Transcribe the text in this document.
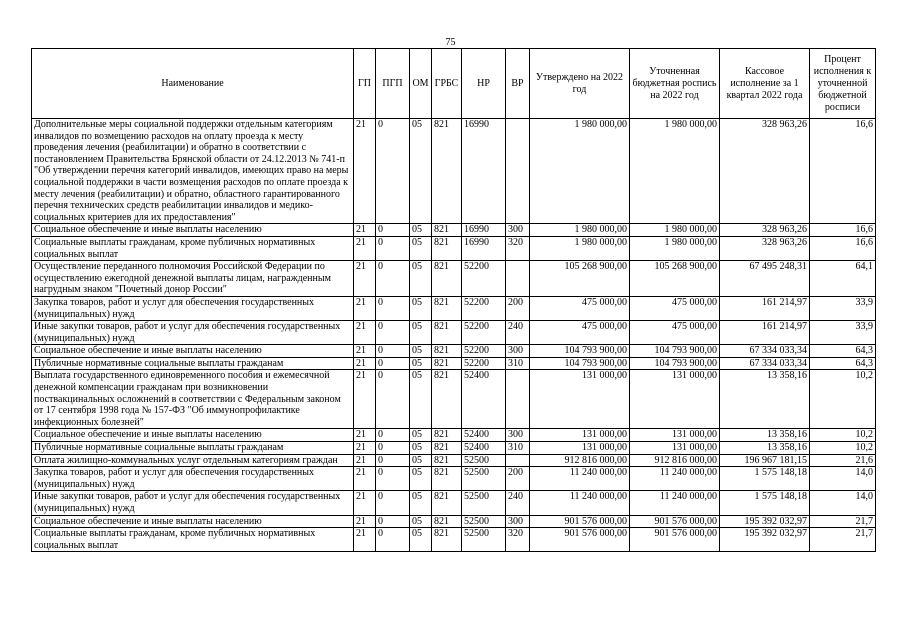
75
Наименование	ГП	ПГП	ОМ	ГРБС	НР	ВР	Утверждено на 2022 год	Уточненная бюджетная роспись на 2022 год	Кассовое исполнение за 1 квартал 2022 года	Процент исполнения к уточненной бюджетной росписи
Дополнительные меры социальной поддержки отдельным категориям инвалидов по возмещению расходов на оплату проезда к месту проведения лечения (реабилитации) и обратно в соответствии с постановлением Правительства Брянской области от 24.12.2013 № 741-п "Об утверждении перечня категорий инвалидов, имеющих право на меры социальной поддержки в части возмещения расходов по оплате проезда к месту лечения (реабилитации) и обратно, областного гарантированного перечня технических средств реабилитации инвалидов и медико-социальных критериев для их предоставления"	21	0	05	821	16990		1 980 000,00	1 980 000,00	328 963,26	16,6
Социальное обеспечение и иные выплаты населению	21	0	05	821	16990	300	1 980 000,00	1 980 000,00	328 963,26	16,6
Социальные выплаты гражданам, кроме публичных нормативных социальных выплат	21	0	05	821	16990	320	1 980 000,00	1 980 000,00	328 963,26	16,6
Осуществление переданного полномочия Российской Федерации по осуществлению ежегодной денежной выплаты лицам, награжденным нагрудным знаком "Почетный донор России"	21	0	05	821	52200		105 268 900,00	105 268 900,00	67 495 248,31	64,1
Закупка товаров, работ и услуг для обеспечения государственных (муниципальных) нужд	21	0	05	821	52200	200	475 000,00	475 000,00	161 214,97	33,9
Иные закупки товаров, работ и услуг для обеспечения государственных (муниципальных) нужд	21	0	05	821	52200	240	475 000,00	475 000,00	161 214,97	33,9
Социальное обеспечение и иные выплаты населению	21	0	05	821	52200	300	104 793 900,00	104 793 900,00	67 334 033,34	64,3
Публичные нормативные социальные выплаты гражданам	21	0	05	821	52200	310	104 793 900,00	104 793 900,00	67 334 033,34	64,3
Выплата государственного единовременного пособия и ежемесячной денежной компенсации гражданам при возникновении поствакцинальных осложнений в соответствии с Федеральным законом от 17 сентября 1998 года № 157-ФЗ "Об иммунопрофилактике инфекционных болезней"	21	0	05	821	52400		131 000,00	131 000,00	13 358,16	10,2
Социальное обеспечение и иные выплаты населению	21	0	05	821	52400	300	131 000,00	131 000,00	13 358,16	10,2
Публичные нормативные социальные выплаты гражданам	21	0	05	821	52400	310	131 000,00	131 000,00	13 358,16	10,2
Оплата жилищно-коммунальных услуг отдельным категориям граждан	21	0	05	821	52500		912 816 000,00	912 816 000,00	196 967 181,15	21,6
Закупка товаров, работ и услуг для обеспечения государственных (муниципальных) нужд	21	0	05	821	52500	200	11 240 000,00	11 240 000,00	1 575 148,18	14,0
Иные закупки товаров, работ и услуг для обеспечения государственных (муниципальных) нужд	21	0	05	821	52500	240	11 240 000,00	11 240 000,00	1 575 148,18	14,0
Социальное обеспечение и иные выплаты населению	21	0	05	821	52500	300	901 576 000,00	901 576 000,00	195 392 032,97	21,7
Социальные выплаты гражданам, кроме публичных нормативных социальных выплат	21	0	05	821	52500	320	901 576 000,00	901 576 000,00	195 392 032,97	21,7
